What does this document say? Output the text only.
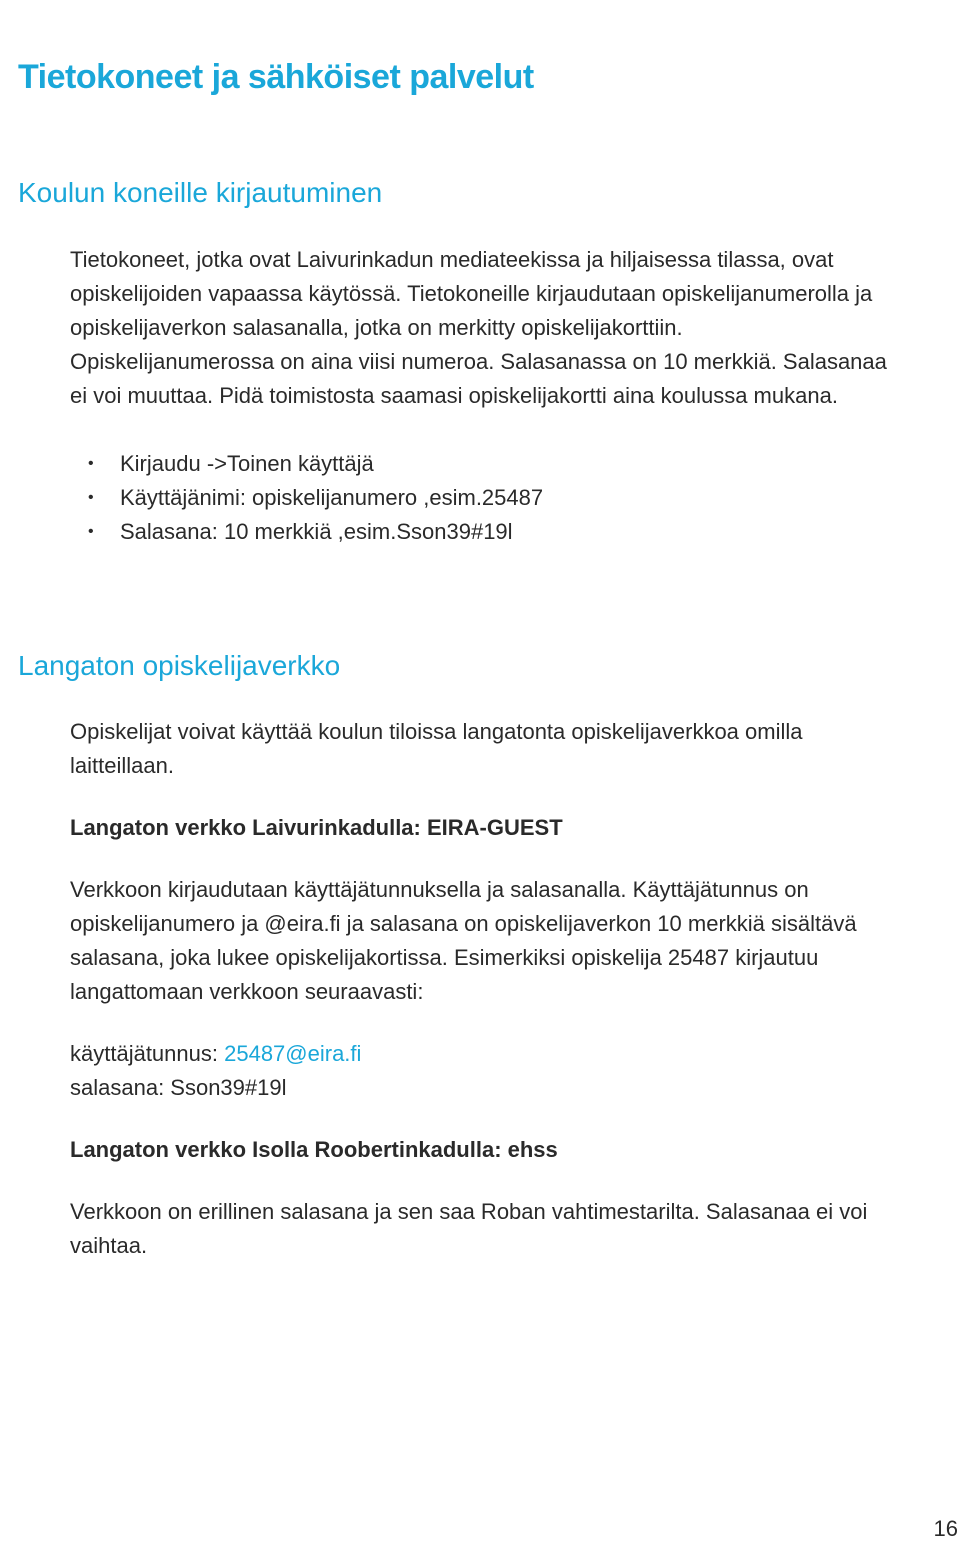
Tietokoneet ja sähköiset palvelut
Koulun koneille kirjautuminen

Tietokoneet, jotka ovat Laivurinkadun mediateekissa ja hiljaisessa tilassa, ovat opiskelijoiden vapaassa käytössä. Tietokoneille kirjaudutaan opiskelijanumerolla ja opiskelijaverkon salasanalla, jotka on merkitty opiskelijakorttiin. Opiskelijanumerossa on aina viisi numeroa. Salasanassa on 10 merkkiä. Salasanaa ei voi muuttaa. Pidä toimistosta saamasi opiskelijakortti aina koulussa mukana.

• Kirjaudu ->Toinen käyttäjä
• Käyttäjänimi: opiskelijanumero ,esim.25487
• Salasana: 10 merkkiä ,esim.Sson39#19l
Langaton opiskelijaverkko

Opiskelijat voivat käyttää koulun tiloissa langatonta opiskelijaverkkoa omilla laitteillaan.

Langaton verkko Laivurinkadulla: EIRA-GUEST

Verkkoon kirjaudutaan käyttäjätunnuksella ja salasanalla. Käyttäjätunnus on opiskelijanumero ja @eira.fi ja salasana on opiskelijaverkon 10 merkkiä sisältävä salasana, joka lukee opiskelijakortissa. Esimerkiksi opiskelija 25487 kirjautuu langattomaan verkkoon seuraavasti:

käyttäjätunnus: 25487@eira.fi
salasana: Sson39#19l

Langaton verkko Isolla Roobertinkadulla: ehss

Verkkoon on erillinen salasana ja sen saa Roban vahtimestarilta. Salasanaa ei voi vaihtaa.

16
